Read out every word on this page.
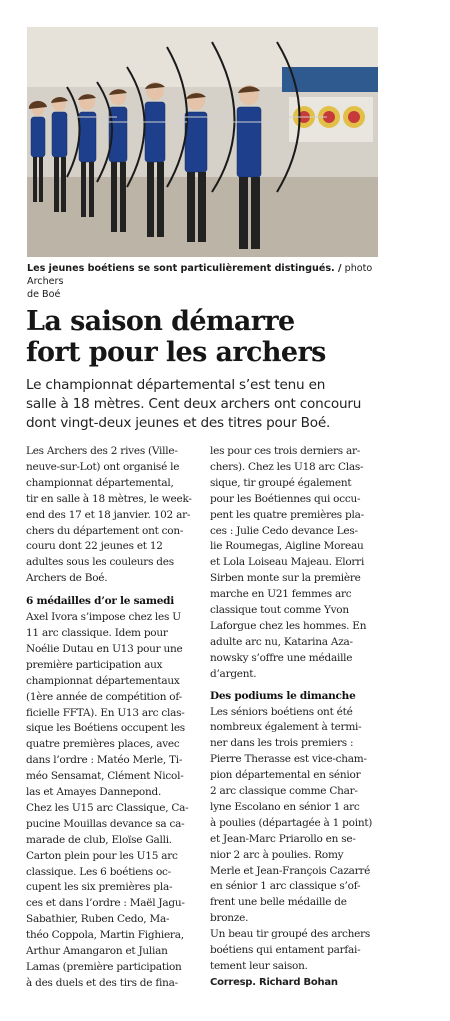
Les jeunes boétiens se sont particulièrement distingués. / photo Archers
de Boé
La saison démarre
fort pour les archers
Le championnat départemental s’est tenu en
salle à 18 mètres. Cent deux archers ont concouru
dont vingt-deux jeunes et des titres pour Boé.
Les Archers des 2 rives (Ville-
neuve-sur-Lot) ont organisé le
championnat départemental,
tir en salle à 18 mètres, le week-
end des 17 et 18 janvier. 102 ar-
chers du département ont con-
couru dont 22 jeunes et 12
adultes sous les couleurs des
Archers de Boé.
6 médailles d’or le samedi
Axel Ivora s’impose chez les U
11 arc classique. Idem pour
Noélie Dutau en U13 pour une
première participation aux
championnat départementaux
(1ère année de compétition of-
ficielle FFTA). En U13 arc clas-
sique les Boétiens occupent les
quatre premières places, avec
dans l’ordre : Matéo Merle, Ti-
méo Sensamat, Clément Nicol-
las et Amayes Dannepond.
Chez les U15 arc Classique, Ca-
pucine Mouillas devance sa ca-
marade de club, Eloïse Galli.
Carton plein pour les U15 arc
classique. Les 6 boétiens oc-
cupent les six premières pla-
ces et dans l’ordre : Maël Jagu-
Sabathier, Ruben Cedo, Ma-
théo Coppola, Martin Fighiera,
Arthur Amangaron et Julian
Lamas (première participation
à des duels et des tirs de fina-
les pour ces trois derniers ar-
chers). Chez les U18 arc Clas-
sique, tir groupé également
pour les Boétiennes qui occu-
pent les quatre premières pla-
ces : Julie Cedo devance Les-
lie Roumegas, Aigline Moreau
et Lola Loiseau Majeau. Elorri
Sirben monte sur la première
marche en U21 femmes arc
classique tout comme Yvon
Laforgue chez les hommes. En
adulte arc nu, Katarina Aza-
nowsky s’offre une médaille
d’argent.
Des podiums le dimanche
Les séniors boétiens ont été
nombreux également à termi-
ner dans les trois premiers :
Pierre Therasse est vice-cham-
pion départemental en sénior
2 arc classique comme Char-
lyne Escolano en sénior 1 arc
à poulies (départagée à 1 point)
et Jean-Marc Priarollo en se-
nior 2 arc à poulies. Romy
Merle et Jean-François Cazarré
en sénior 1 arc classique s’of-
frent une belle médaille de
bronze.
Un beau tir groupé des archers
boétiens qui entament parfai-
tement leur saison.
Corresp. Richard Bohan
